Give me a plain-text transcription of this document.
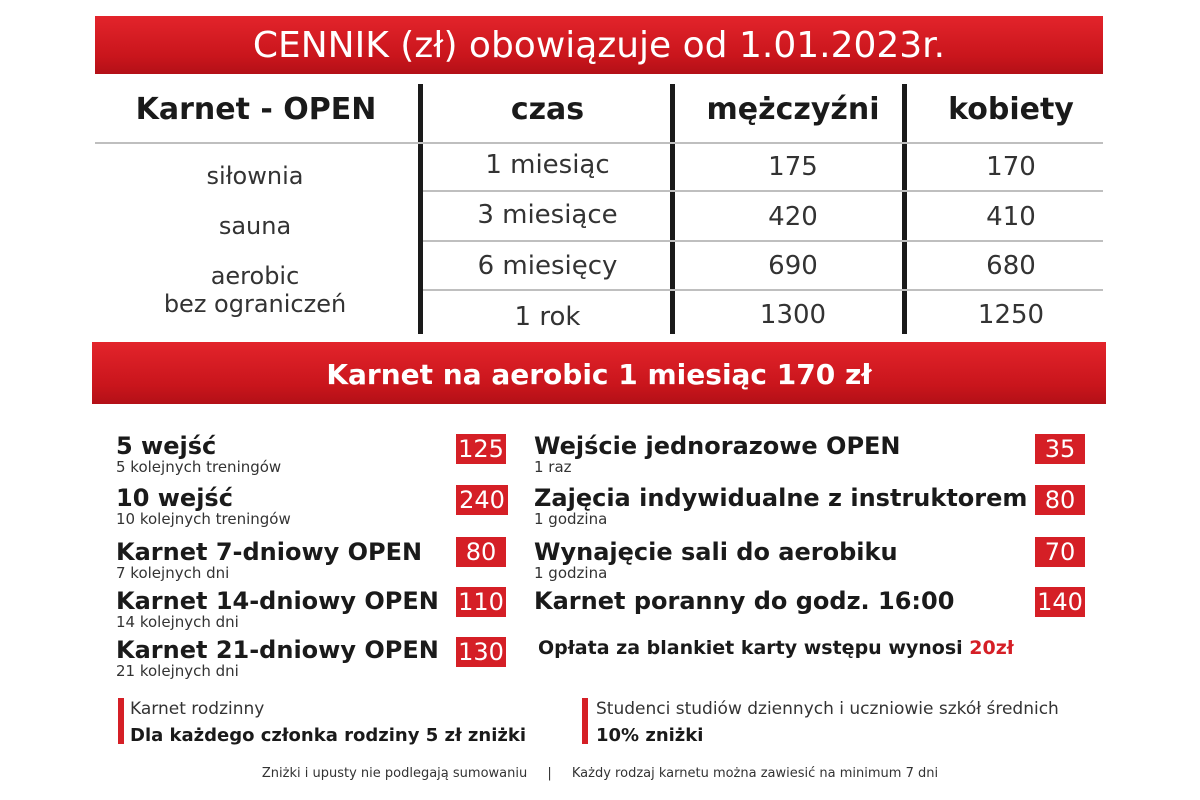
CENNIK (zł) obowiązuje od 1.01.2023r.
Karnet - OPEN	czas	mężczyźni	kobiety
siłownia
sauna
aerobic
bez ograniczeń
1 miesiąc	175	170
3 miesiące	420	410
6 miesięcy	690	680
1 rok	1300	1250
Karnet na aerobic 1 miesiąc 170 zł
5 wejść
5 kolejnych treningów
125
10 wejść
10 kolejnych treningów
240
Karnet 7-dniowy OPEN
7 kolejnych dni
80
Karnet 14-dniowy OPEN
14 kolejnych dni
110
Karnet 21-dniowy OPEN
21 kolejnych dni
130
Wejście jednorazowe OPEN
1 raz
35
Zajęcia indywidualne z instruktorem
1 godzina
80
Wynajęcie sali do aerobiku
1 godzina
70
Karnet poranny do godz. 16:00	140
Opłata za blankiet karty wstępu wynosi 20zł
Karnet rodzinny
Dla każdego członka rodziny 5 zł zniżki
Studenci studiów dziennych i uczniowie szkół średnich
10% zniżki
Zniżki i upusty nie podlegają sumowaniu | Każdy rodzaj karnetu można zawiesić na minimum 7 dni
